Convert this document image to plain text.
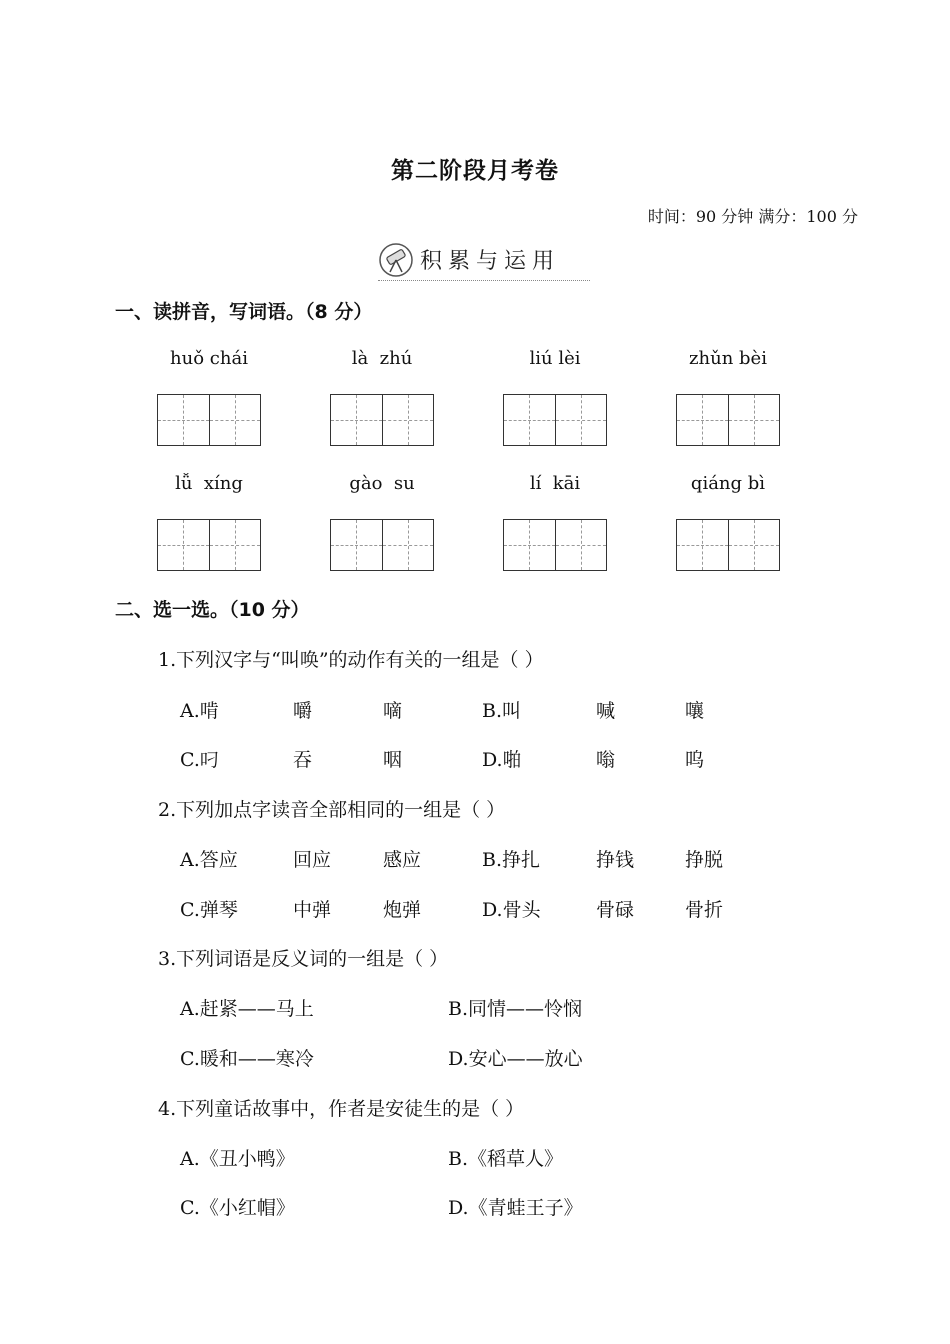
第二阶段月考卷
时间：90 分钟 满分：100 分
积累与运用
一、读拼音，写词语。（8 分）
huǒ chái	là  zhú	liú lèi	zhǔn bèi
lǚ  xíng	gào  su	lí  kāi	qiáng bì
二、选一选。（10 分）
1.下列汉字与“叫唤”的动作有关的一组是（ ）
A.啃	嚼	嘀	B.叫	喊	嚷
C.叼	吞	咽	D.啪	嗡	呜
2.下列加点字读音全部相同的一组是（ ）
A.答应	回应	感应	B.挣扎	挣钱	挣脱
C.弹琴	中弹	炮弹	D.骨头	骨碌	骨折
3.下列词语是反义词的一组是（ ）
A.赶紧——马上	B.同情——怜悯
C.暖和——寒冷	D.安心——放心
4.下列童话故事中，作者是安徒生的是（ ）
A.《丑小鸭》	B.《稻草人》
C.《小红帽》	D.《青蛙王子》
